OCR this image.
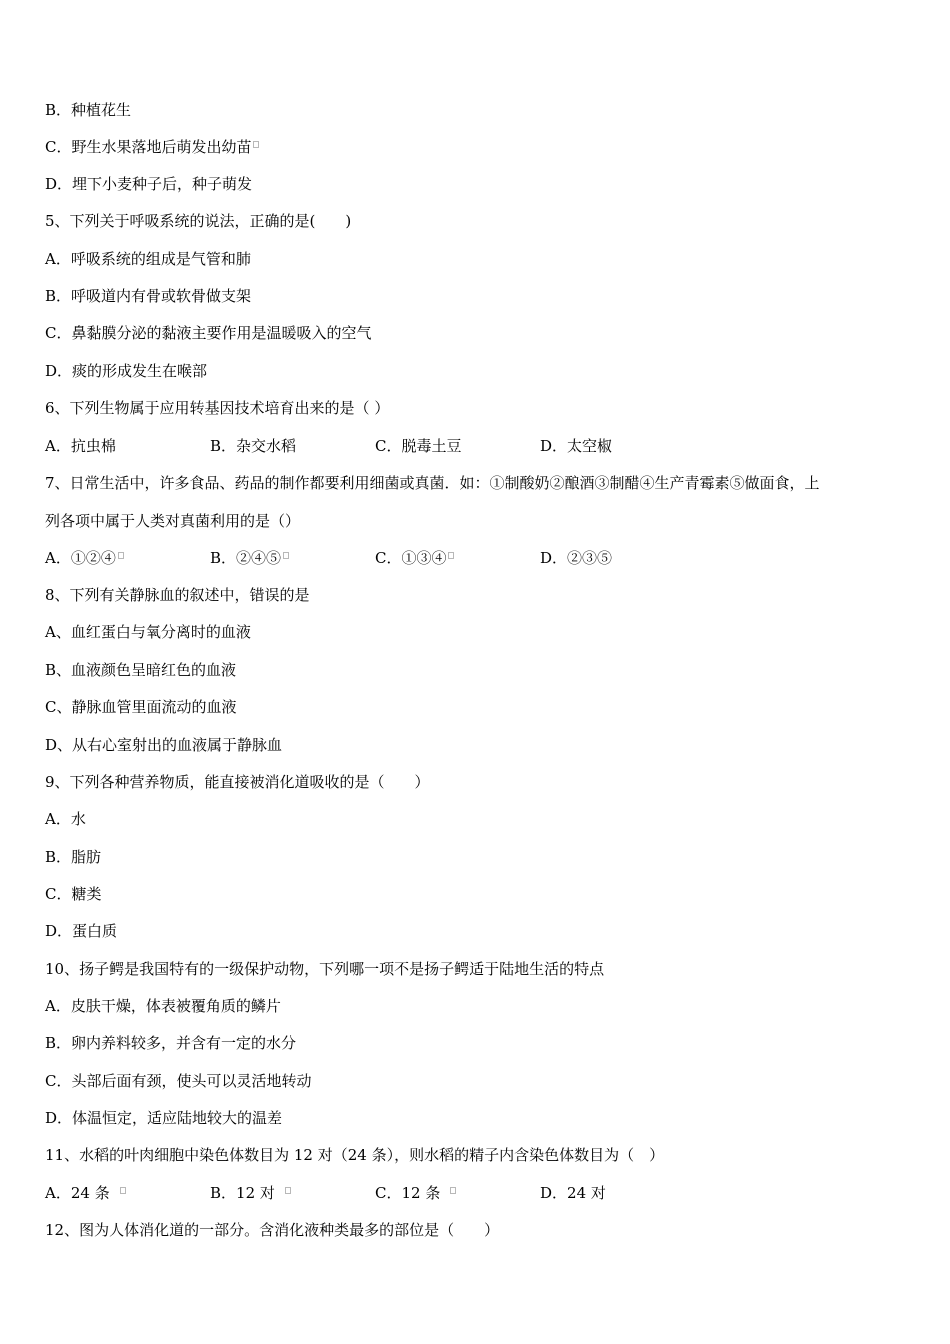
B．种植花生
C．野生水果落地后萌发出幼苗
D．埋下小麦种子后，种子萌发
5、下列关于呼吸系统的说法，正确的是(　　)
A．呼吸系统的组成是气管和肺
B．呼吸道内有骨或软骨做支架
C．鼻黏膜分泌的黏液主要作用是温暖吸入的空气
D．痰的形成发生在喉部
6、下列生物属于应用转基因技术培育出来的是（ ）
A．抗虫棉	B．杂交水稻	C．脱毒土豆	D．太空椒
7、日常生活中，许多食品、药品的制作都要利用细菌或真菌．如：①制酸奶②酿酒③制醋④生产青霉素⑤做面食，上
列各项中属于人类对真菌利用的是（）
A．①②④	B．②④⑤	C．①③④	D．②③⑤
8、下列有关静脉血的叙述中，错误的是
A、血红蛋白与氧分离时的血液
B、血液颜色呈暗红色的血液
C、静脉血管里面流动的血液
D、从右心室射出的血液属于静脉血
9、下列各种营养物质，能直接被消化道吸收的是（　　）
A．水
B．脂肪
C．糖类
D．蛋白质
10、扬子鳄是我国特有的一级保护动物，下列哪一项不是扬子鳄适于陆地生活的特点
A．皮肤干燥，体表被覆角质的鳞片
B．卵内养料较多，并含有一定的水分
C．头部后面有颈，使头可以灵活地转动
D．体温恒定，适应陆地较大的温差
11、水稻的叶肉细胞中染色体数目为 12 对（24 条），则水稻的精子内含染色体数目为（　）
A．24 条	B．12 对	C．12 条	D．24 对
12、图为人体消化道的一部分。含消化液种类最多的部位是（　　）
